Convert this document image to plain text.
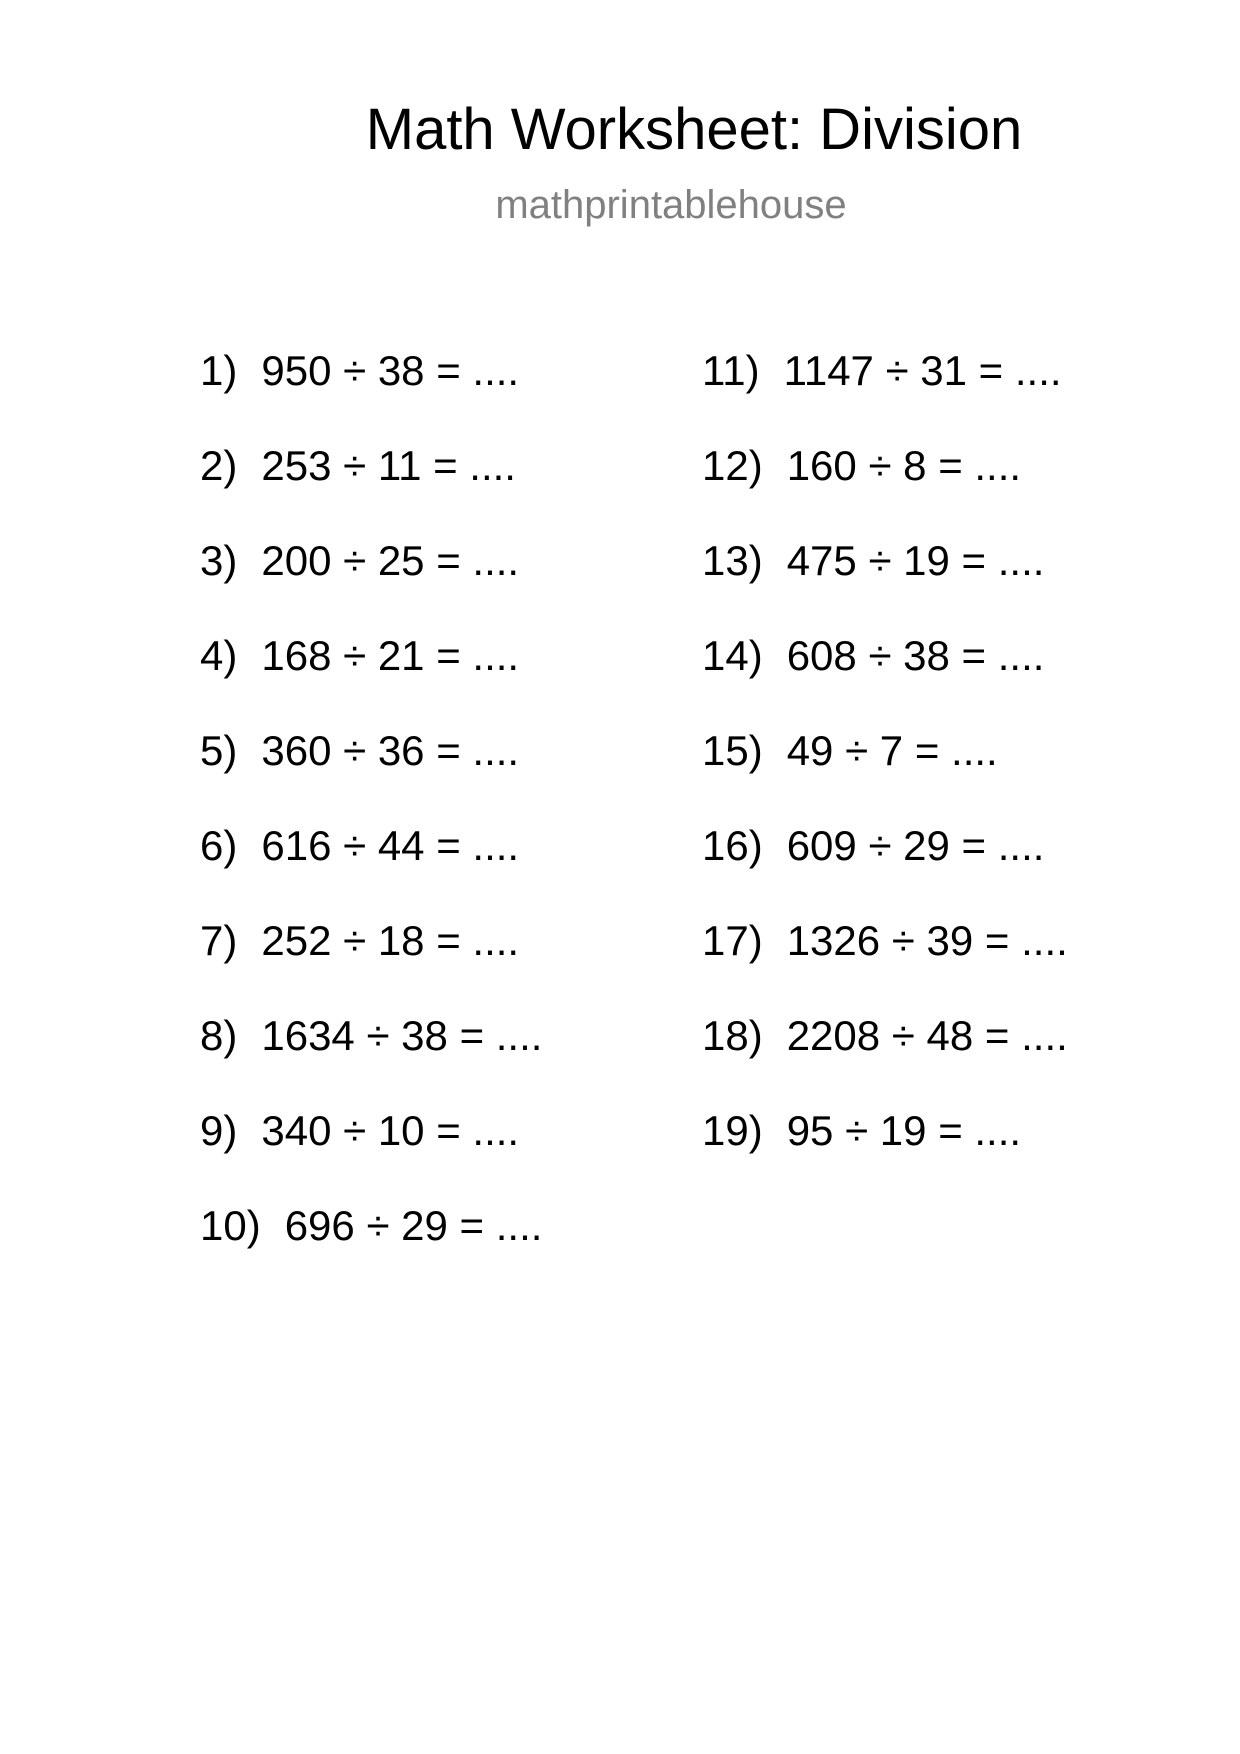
Math Worksheet: Division
mathprintablehouse
1) 950 ÷ 38 = ....
2) 253 ÷ 11 = ....
3) 200 ÷ 25 = ....
4) 168 ÷ 21 = ....
5) 360 ÷ 36 = ....
6) 616 ÷ 44 = ....
7) 252 ÷ 18 = ....
8) 1634 ÷ 38 = ....
9) 340 ÷ 10 = ....
10) 696 ÷ 29 = ....
11) 1147 ÷ 31 = ....
12) 160 ÷ 8 = ....
13) 475 ÷ 19 = ....
14) 608 ÷ 38 = ....
15) 49 ÷ 7 = ....
16) 609 ÷ 29 = ....
17) 1326 ÷ 39 = ....
18) 2208 ÷ 48 = ....
19) 95 ÷ 19 = ....
